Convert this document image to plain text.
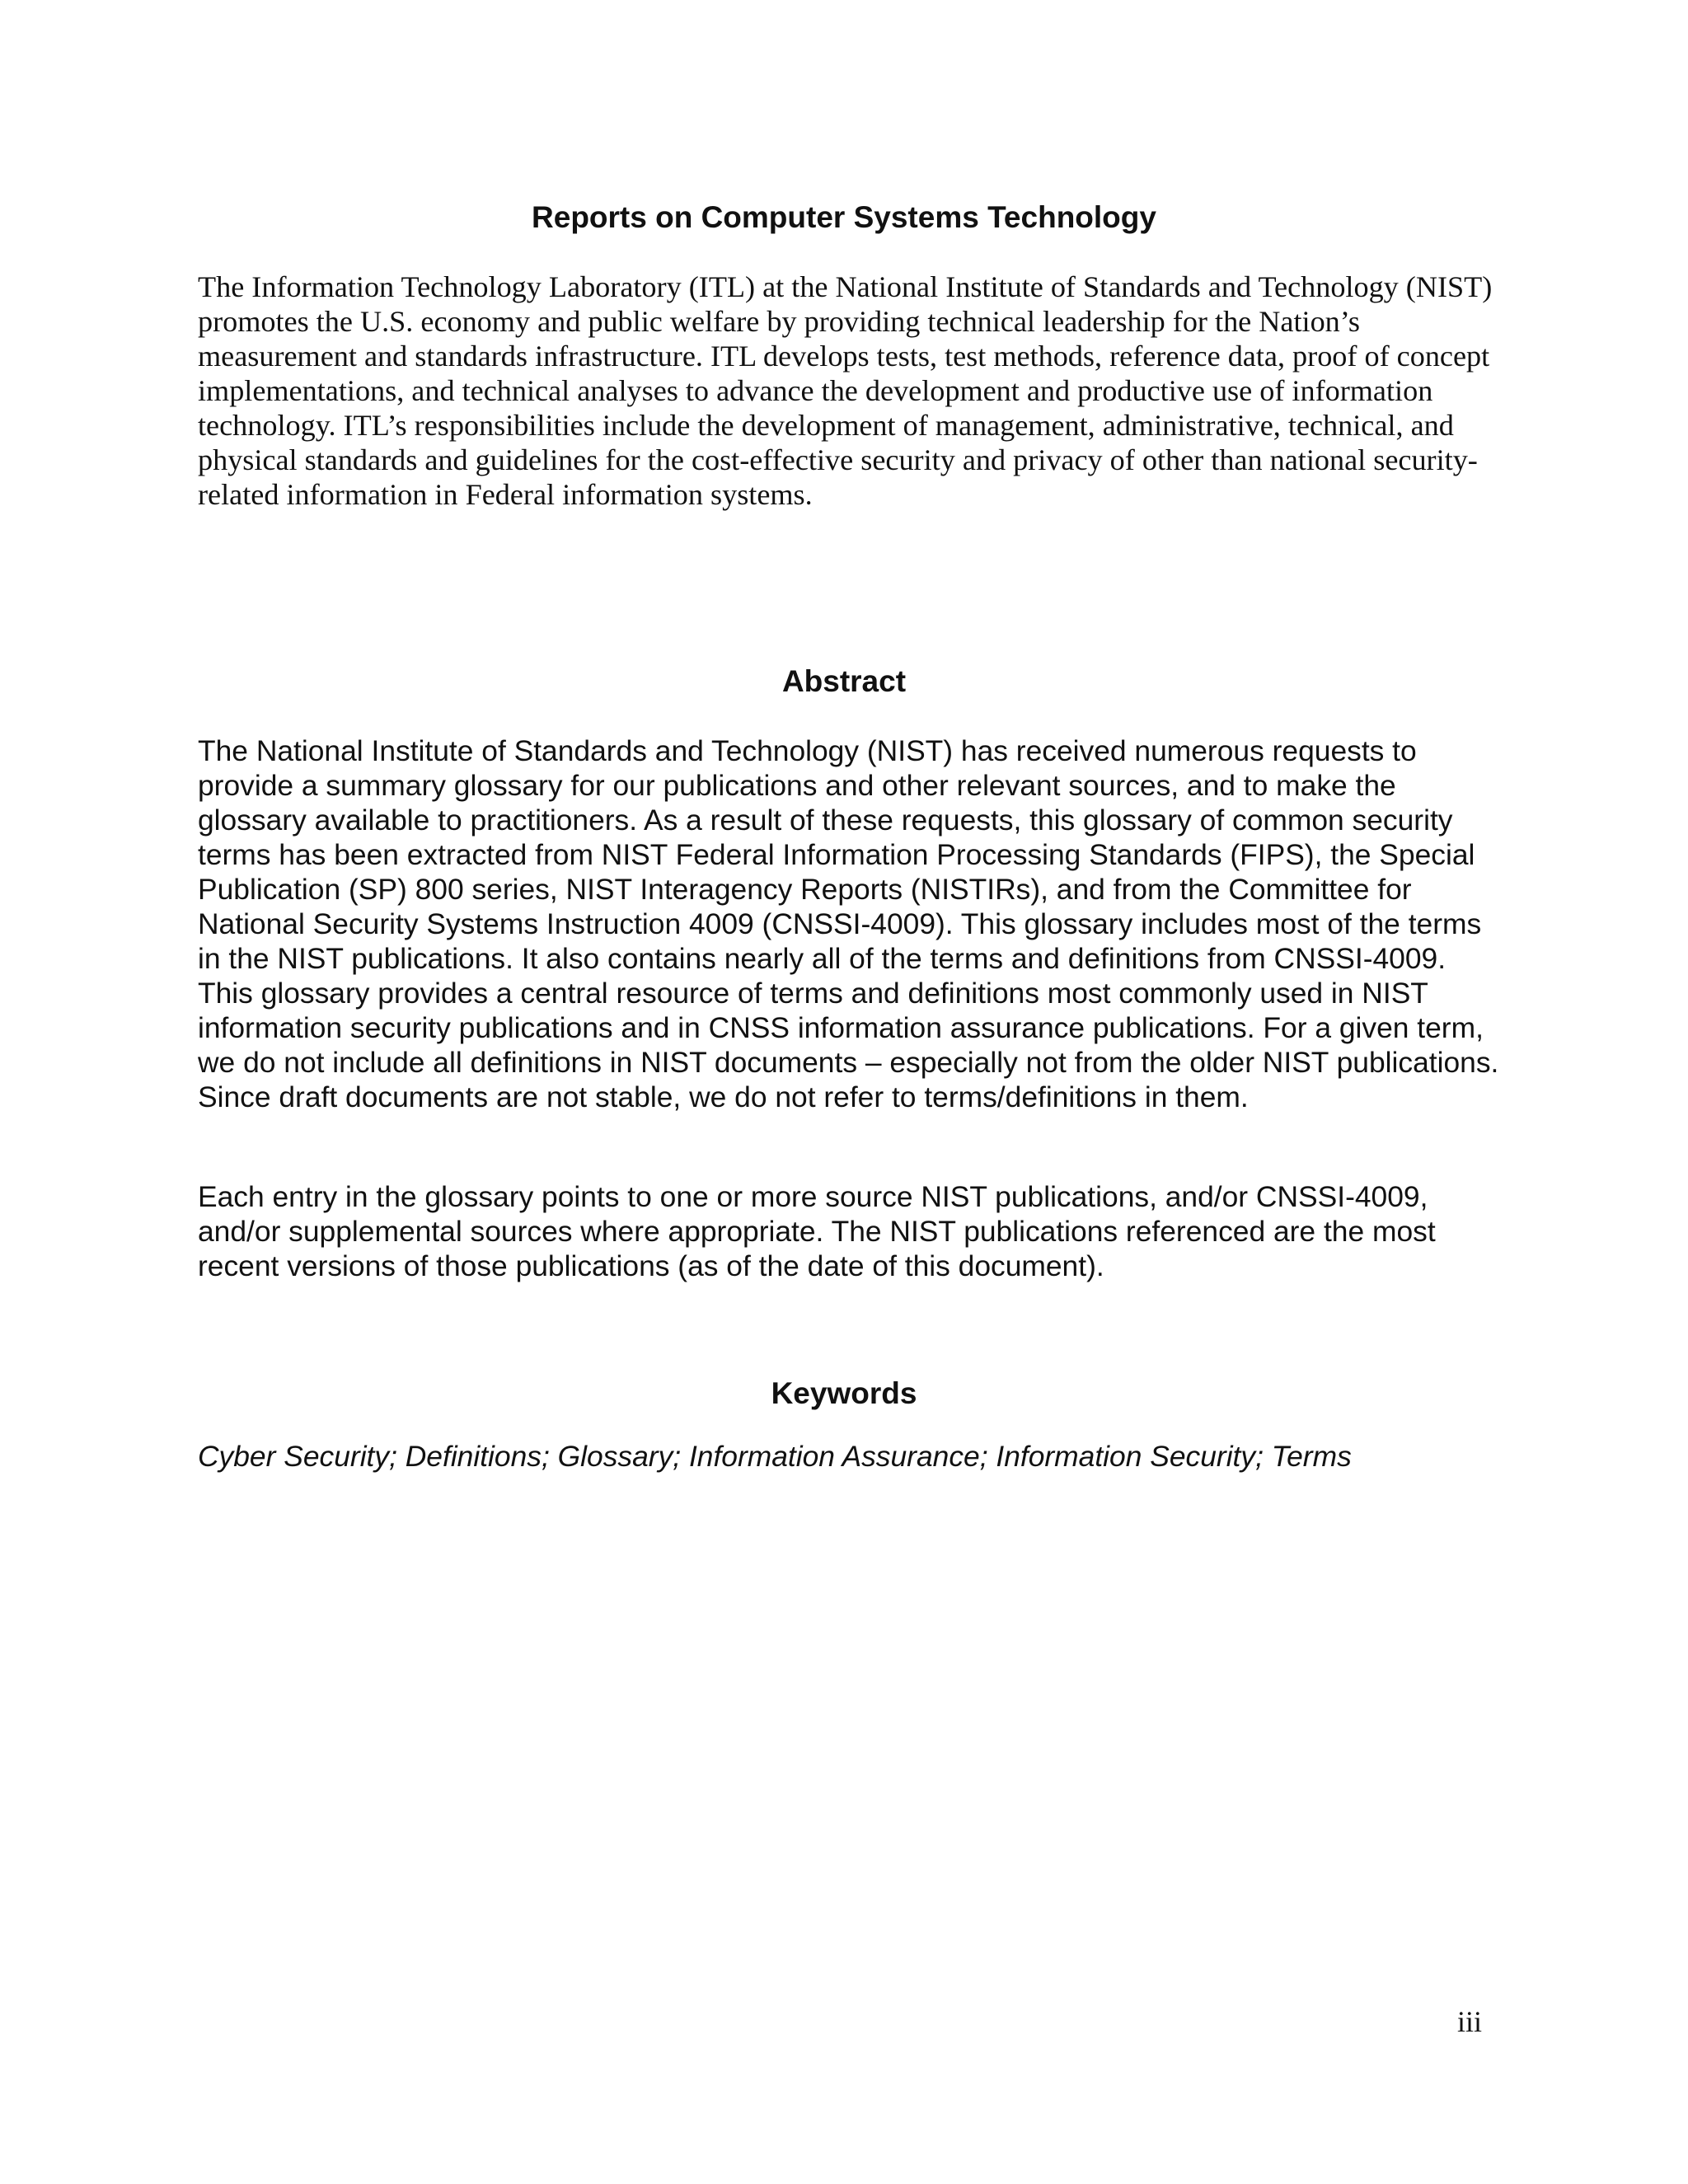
Reports on Computer Systems Technology

The Information Technology Laboratory (ITL) at the National Institute of Standards and Technology (NIST) promotes the U.S. economy and public welfare by providing technical leadership for the Nation’s measurement and standards infrastructure. ITL develops tests, test methods, reference data, proof of concept implementations, and technical analyses to advance the development and productive use of information technology. ITL’s responsibilities include the development of management, administrative, technical, and physical standards and guidelines for the cost-effective security and privacy of other than national security-related information in Federal information systems.

Abstract

The National Institute of Standards and Technology (NIST) has received numerous requests to provide a summary glossary for our publications and other relevant sources, and to make the glossary available to practitioners. As a result of these requests, this glossary of common security terms has been extracted from NIST Federal Information Processing Standards (FIPS), the Special Publication (SP) 800 series, NIST Interagency Reports (NISTIRs), and from the Committee for National Security Systems Instruction 4009 (CNSSI-4009). This glossary includes most of the terms in the NIST publications. It also contains nearly all of the terms and definitions from CNSSI-4009. This glossary provides a central resource of terms and definitions most commonly used in NIST information security publications and in CNSS information assurance publications. For a given term, we do not include all definitions in NIST documents – especially not from the older NIST publications. Since draft documents are not stable, we do not refer to terms/definitions in them.

Each entry in the glossary points to one or more source NIST publications, and/or CNSSI-4009, and/or supplemental sources where appropriate. The NIST publications referenced are the most recent versions of those publications (as of the date of this document).

Keywords

Cyber Security; Definitions; Glossary; Information Assurance; Information Security; Terms

iii
